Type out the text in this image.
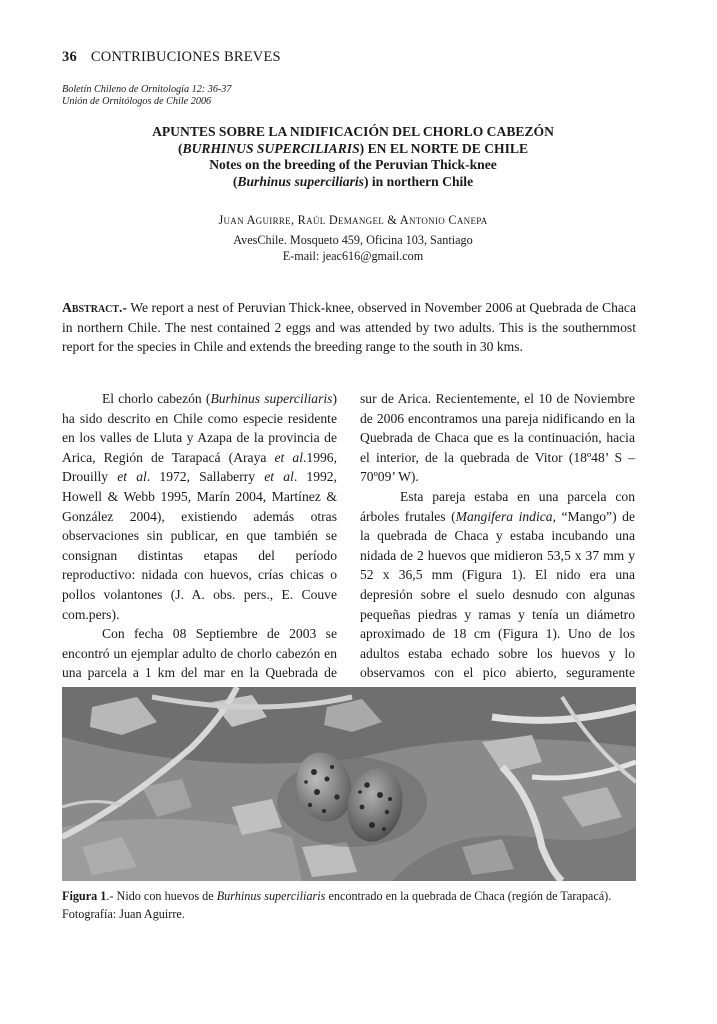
36 CONTRIBUCIONES BREVES
Boletín Chileno de Ornitología 12: 36-37
Unión de Ornitólogos de Chile 2006
APUNTES SOBRE LA NIDIFICACIÓN DEL CHORLO CABEZÓN
(BURHINUS SUPERCILIARIS) EN EL NORTE DE CHILE
Notes on the breeding of the Peruvian Thick-knee
(Burhinus superciliaris) in northern Chile
Juan Aguirre, Raúl Demangel & Antonio Canepa
AvesChile. Mosqueto 459, Oficina 103, Santiago
E-mail: jeac616@gmail.com
Abstract.- We report a nest of Peruvian Thick-knee, observed in November 2006 at Quebrada de Chaca in northern Chile. The nest contained 2 eggs and was attended by two adults. This is the southernmost report for the species in Chile and extends the breeding range to the south in 30 kms.

El chorlo cabezón (Burhinus superciliaris) ha sido descrito en Chile como especie residente en los valles de Lluta y Azapa de la provincia de Arica, Región de Tarapacá (Araya et al.1996, Drouilly et al. 1972, Sallaberry et al. 1992, Howell & Webb 1995, Marín 2004, Martínez & González 2004), existiendo además otras observaciones sin publicar, en que también se consignan distintas etapas del período reproductivo: nidada con huevos, crías chicas o pollos volantones (J. A. obs. pers., E. Couve com.pers).

Con fecha 08 Septiembre de 2003 se encontró un ejemplar adulto de chorlo cabezón en una parcela a 1 km del mar en la Quebrada de

sur de Arica. Recientemente, el 10 de Noviembre de 2006 encontramos una pareja nidificando en la Quebrada de Chaca que es la continuación, hacia el interior, de la quebrada de Vitor (18º48’ S – 70º09’ W).

Esta pareja estaba en una parcela con árboles frutales (Mangifera indica, “Mango”) de la quebrada de Chaca y estaba incubando una nidada de 2 huevos que midieron 53,5 x 37 mm y 52 x 36,5 mm (Figura 1). El nido era una depresión sobre el suelo desnudo con algunas pequeñas piedras y ramas y tenía un diámetro aproximado de 18 cm (Figura 1). Uno de los adultos estaba echado sobre los huevos y lo observamos con el pico abierto, seguramente

Figura 1.- Nido con huevos de Burhinus superciliaris encontrado en la quebrada de Chaca (región de Tarapacá).
Fotografía: Juan Aguirre.
